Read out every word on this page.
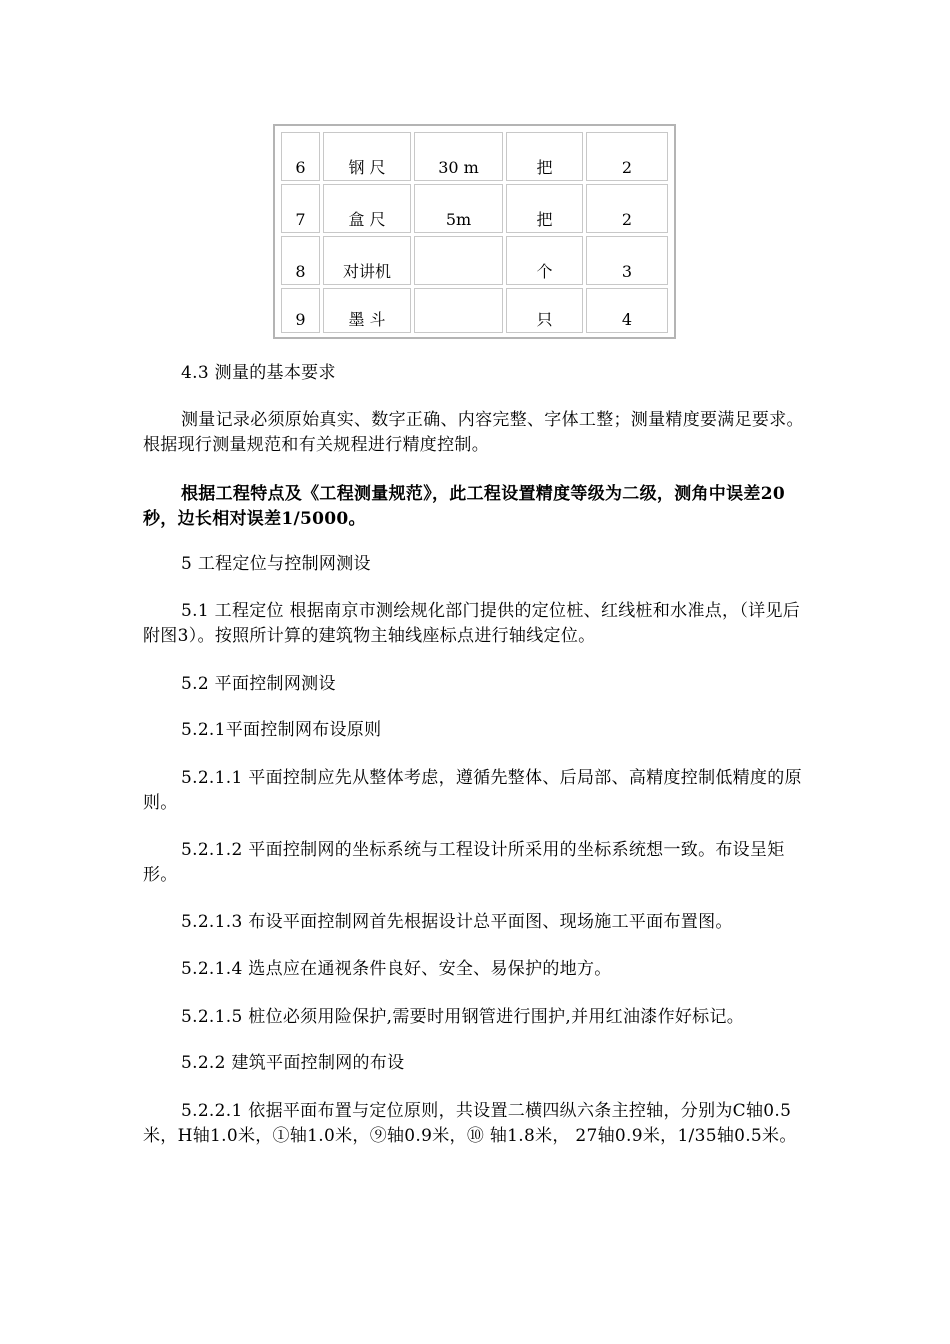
6	钢 尺	30 m	把	2
7	盒 尺	5m	把	2
8	对讲机		个	3
9	墨 斗		只	4

4.3 测量的基本要求

测量记录必须原始真实、数字正确、内容完整、字体工整；测量精度要满足要求。根据现行测量规范和有关规程进行精度控制。

根据工程特点及《工程测量规范》，此工程设置精度等级为二级，测角中误差20秒，边长相对误差1/5000。

5 工程定位与控制网测设

5.1 工程定位 根据南京市测绘规化部门提供的定位桩、红线桩和水准点，（详见后附图3）。按照所计算的建筑物主轴线座标点进行轴线定位。

5.2 平面控制网测设

5.2.1平面控制网布设原则

5.2.1.1 平面控制应先从整体考虑，遵循先整体、后局部、高精度控制低精度的原则。

5.2.1.2 平面控制网的坐标系统与工程设计所采用的坐标系统想一致。布设呈矩形。

5.2.1.3 布设平面控制网首先根据设计总平面图、现场施工平面布置图。

5.2.1.4 选点应在通视条件良好、安全、易保护的地方。

5.2.1.5 桩位必须用险保护,需要时用钢管进行围护,并用红油漆作好标记。

5.2.2 建筑平面控制网的布设

5.2.2.1 依据平面布置与定位原则，共设置二横四纵六条主控轴，分别为C轴0.5米，H轴1.0米，①轴1.0米，⑨轴0.9米，⑩ 轴1.8米， 27轴0.9米，1/35轴0.5米。
